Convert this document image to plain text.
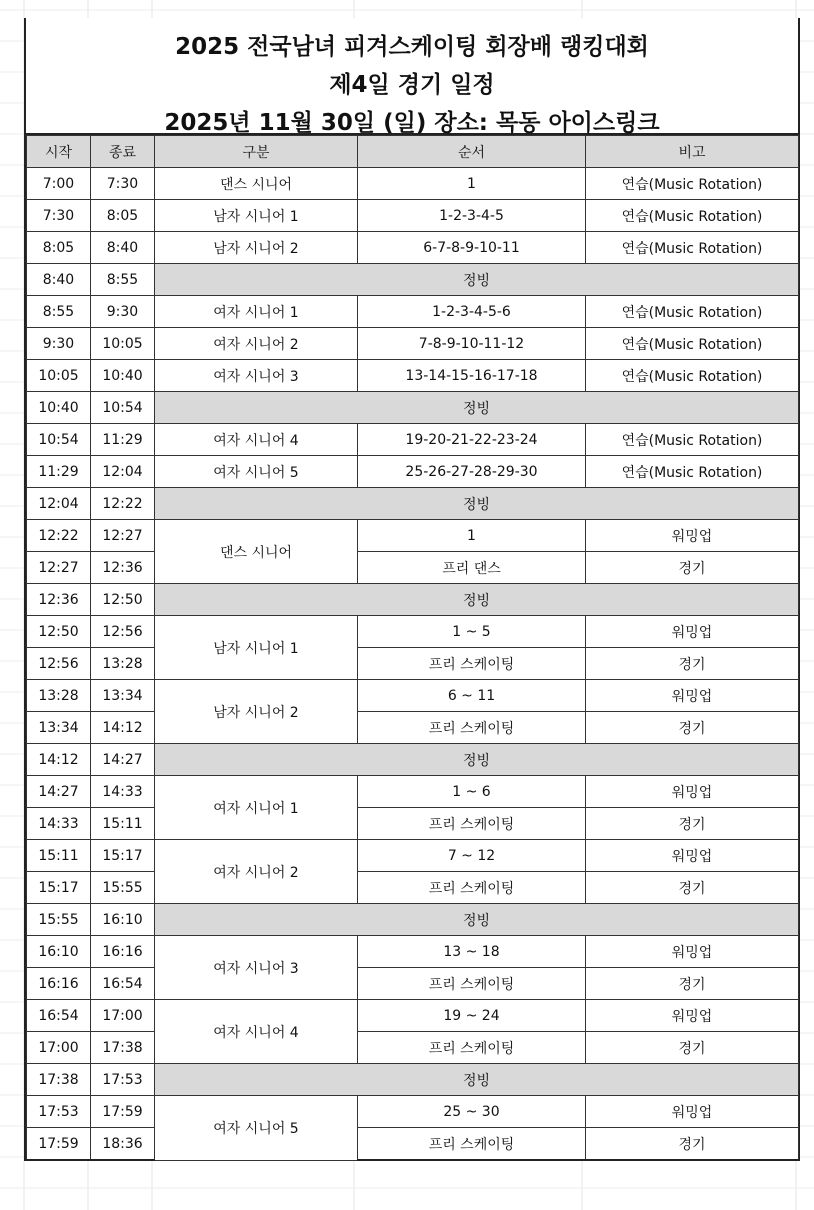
2025 전국남녀 피겨스케이팅 회장배 랭킹대회
제4일 경기 일정
2025년 11월 30일 (일) 장소: 목동 아이스링크
시작	종료	구분	순서	비고
7:00	7:30	댄스 시니어	1	연습(Music Rotation)
7:30	8:05	남자 시니어 1	1-2-3-4-5	연습(Music Rotation)
8:05	8:40	남자 시니어 2	6-7-8-9-10-11	연습(Music Rotation)
8:40	8:55	정빙		
8:55	9:30	여자 시니어 1	1-2-3-4-5-6	연습(Music Rotation)
9:30	10:05	여자 시니어 2	7-8-9-10-11-12	연습(Music Rotation)
10:05	10:40	여자 시니어 3	13-14-15-16-17-18	연습(Music Rotation)
10:40	10:54	정빙		
10:54	11:29	여자 시니어 4	19-20-21-22-23-24	연습(Music Rotation)
11:29	12:04	여자 시니어 5	25-26-27-28-29-30	연습(Music Rotation)
12:04	12:22	정빙		
12:22	12:27	댄스 시니어	1	워밍업
12:27	12:36		프리 댄스	경기
12:36	12:50	정빙		
12:50	12:56	남자 시니어 1	1 ~ 5	워밍업
12:56	13:28		프리 스케이팅	경기
13:28	13:34	남자 시니어 2	6 ~ 11	워밍업
13:34	14:12		프리 스케이팅	경기
14:12	14:27	정빙		
14:27	14:33	여자 시니어 1	1 ~ 6	워밍업
14:33	15:11		프리 스케이팅	경기
15:11	15:17	여자 시니어 2	7 ~ 12	워밍업
15:17	15:55		프리 스케이팅	경기
15:55	16:10	정빙		
16:10	16:16	여자 시니어 3	13 ~ 18	워밍업
16:16	16:54		프리 스케이팅	경기
16:54	17:00	여자 시니어 4	19 ~ 24	워밍업
17:00	17:38		프리 스케이팅	경기
17:38	17:53	정빙		
17:53	17:59	여자 시니어 5	25 ~ 30	워밍업
17:59	18:36		프리 스케이팅	경기
